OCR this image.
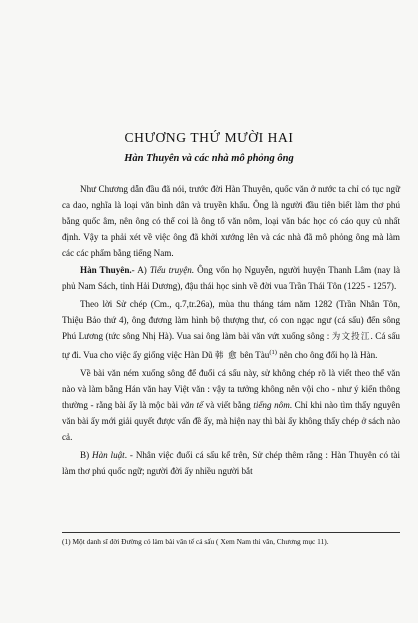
CHƯƠNG THỨ MƯỜI HAI
Hàn Thuyên và các nhà mô phỏng ông

Như Chương dẫn đầu đã nói, trước đời Hàn Thuyên, quốc văn ở nước ta chỉ có tục ngữ ca dao, nghĩa là loại văn bình dân và truyền khẩu. Ông là người đầu tiên biết làm thơ phú bằng quốc âm, nên ông có thể coi là ông tổ văn nôm, loại văn bác học có cáo quy củ nhất định. Vậy ta phải xét về việc ông đã khởi xướng lên và các nhà đã mô phỏng ông mà làm các các phẩm bằng tiếng Nam.

Hàn Thuyên.- A) Tiểu truyện. Ông vốn họ Nguyễn, người huyện Thanh Lâm (nay là phủ Nam Sách, tỉnh Hải Dương), đậu thái học sinh về đời vua Trần Thái Tôn (1225 - 1257).

Theo lời Sử chép (Cm., q.7,tr.26a), mùa thu tháng tám năm 1282 (Trần Nhân Tôn, Thiệu Bảo thứ 4), ông đương làm hình bộ thượng thư, có con ngạc ngư (cá sấu) đến sông Phú Lương (tức sông Nhị Hà). Vua sai ông làm bài văn vứt xuống sông : 为文投江. Cá sấu tự đi. Vua cho việc ấy giống việc Hàn Dũ 韩 愈 bên Tàu$^{(1)}$ nên cho ông đổi họ là Hàn.

Về bài văn ném xuống sông để đuổi cá sấu này, sử không chép rõ là viết theo thể văn nào và làm bằng Hán văn hay Việt văn : vậy ta tưởng không nên vội cho - như ý kiến thông thường - rằng bài ấy là mộc bài văn tế và viết bằng tiếng nôm. Chỉ khi nào tìm thấy nguyên văn bài ấy mới giải quyết được vấn đề ấy, mà hiện nay thì bài ấy không thấy chép ở sách nào cả.

B) Hàn luật. - Nhân việc đuổi cá sấu kể trên, Sử chép thêm rằng : Hàn Thuyên có tài làm thơ phú quốc ngữ; người đời ấy nhiều người bắt

(1) Một danh sĩ đời Đường có làm bài văn tế cá sấu ( Xem Nam thi văn, Chương mục 11).
